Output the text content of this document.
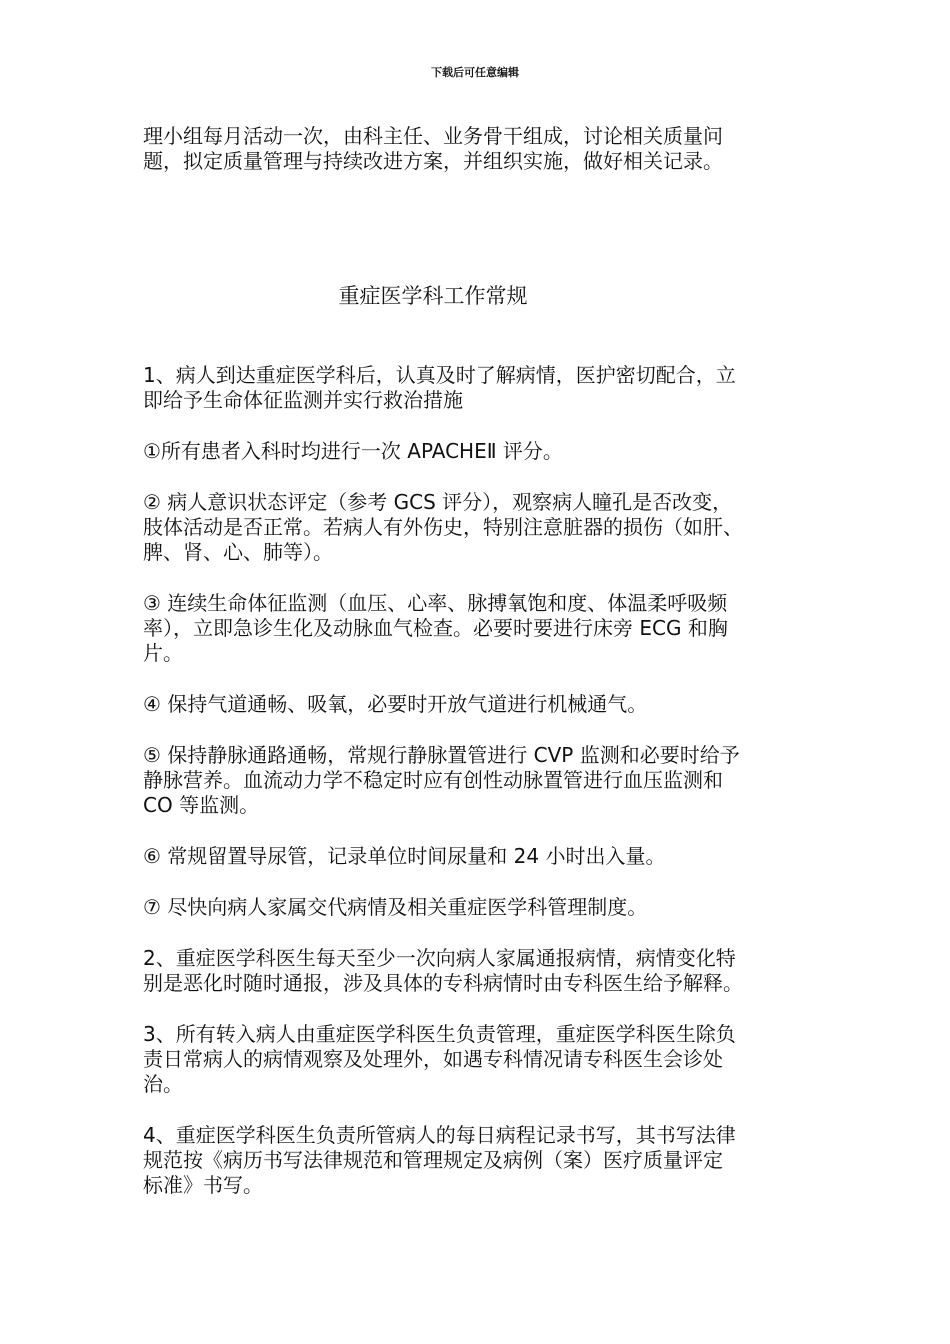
下载后可任意编辑
理小组每月活动一次，由科主任、业务骨干组成，讨论相关质量问
题，拟定质量管理与持续改进方案，并组织实施，做好相关记录。
重症医学科工作常规
1、病人到达重症医学科后，认真及时了解病情，医护密切配合，立
即给予生命体征监测并实行救治措施
①所有患者入科时均进行一次 APACHEⅡ 评分。
② 病人意识状态评定（参考 GCS 评分），观察病人瞳孔是否改变，
肢体活动是否正常。若病人有外伤史，特别注意脏器的损伤（如肝、
脾、肾、心、肺等）。
③ 连续生命体征监测（血压、心率、脉搏氧饱和度、体温柔呼吸频
率），立即急诊生化及动脉血气检查。必要时要进行床旁 ECG 和胸
片。
④ 保持气道通畅、吸氧，必要时开放气道进行机械通气。
⑤ 保持静脉通路通畅，常规行静脉置管进行 CVP 监测和必要时给予
静脉营养。血流动力学不稳定时应有创性动脉置管进行血压监测和
CO 等监测。
⑥ 常规留置导尿管，记录单位时间尿量和 24 小时出入量。
⑦ 尽快向病人家属交代病情及相关重症医学科管理制度。
2、重症医学科医生每天至少一次向病人家属通报病情，病情变化特
别是恶化时随时通报，涉及具体的专科病情时由专科医生给予解释。
3、所有转入病人由重症医学科医生负责管理，重症医学科医生除负
责日常病人的病情观察及处理外，如遇专科情况请专科医生会诊处
治。
4、重症医学科医生负责所管病人的每日病程记录书写，其书写法律
规范按《病历书写法律规范和管理规定及病例（案）医疗质量评定
标准》书写。
